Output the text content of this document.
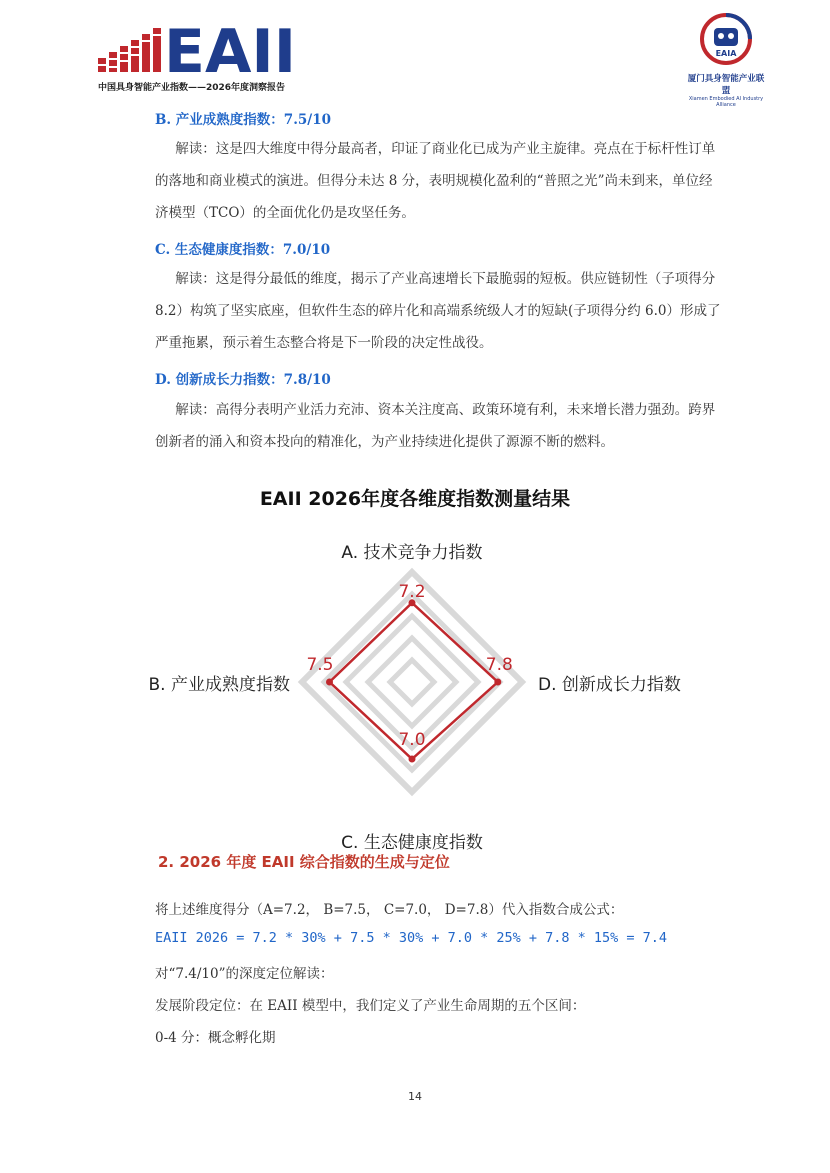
EAII
中国具身智能产业指数——2026年度洞察报告
EAIA
厦门具身智能产业联盟
Xiamen Embodied AI Industry Alliance
B. 产业成熟度指数：7.5/10

解读：这是四大维度中得分最高者，印证了商业化已成为产业主旋律。亮点在于标杆性订单的落地和商业模式的演进。但得分未达 8 分，表明规模化盈利的“普照之光”尚未到来，单位经济模型（TCO）的全面优化仍是攻坚任务。

C. 生态健康度指数：7.0/10

解读：这是得分最低的维度，揭示了产业高速增长下最脆弱的短板。供应链韧性（子项得分 8.2）构筑了坚实底座，但软件生态的碎片化和高端系统级人才的短缺(子项得分约 6.0）形成了严重拖累，预示着生态整合将是下一阶段的决定性战役。

D. 创新成长力指数：7.8/10

解读：高得分表明产业活力充沛、资本关注度高、政策环境有利，未来增长潜力强劲。跨界创新者的涌入和资本投向的精准化，为产业持续进化提供了源源不断的燃料。

EAII 2026年度各维度指数测量结果
7.2
7.8
7.0
7.5
A. 技术竞争力指数
D. 创新成长力指数
C. 生态健康度指数
B. 产业成熟度指数
2. 2026 年度 EAII 综合指数的生成与定位
将上述维度得分（A=7.2， B=7.5， C=7.0， D=7.8）代入指数合成公式：
EAII 2026 = 7.2 * 30% + 7.5 * 30% + 7.0 * 25% + 7.8 * 15% = 7.4
对“7.4/10”的深度定位解读：
发展阶段定位：在 EAII 模型中，我们定义了产业生命周期的五个区间：
0-4 分：概念孵化期
14
